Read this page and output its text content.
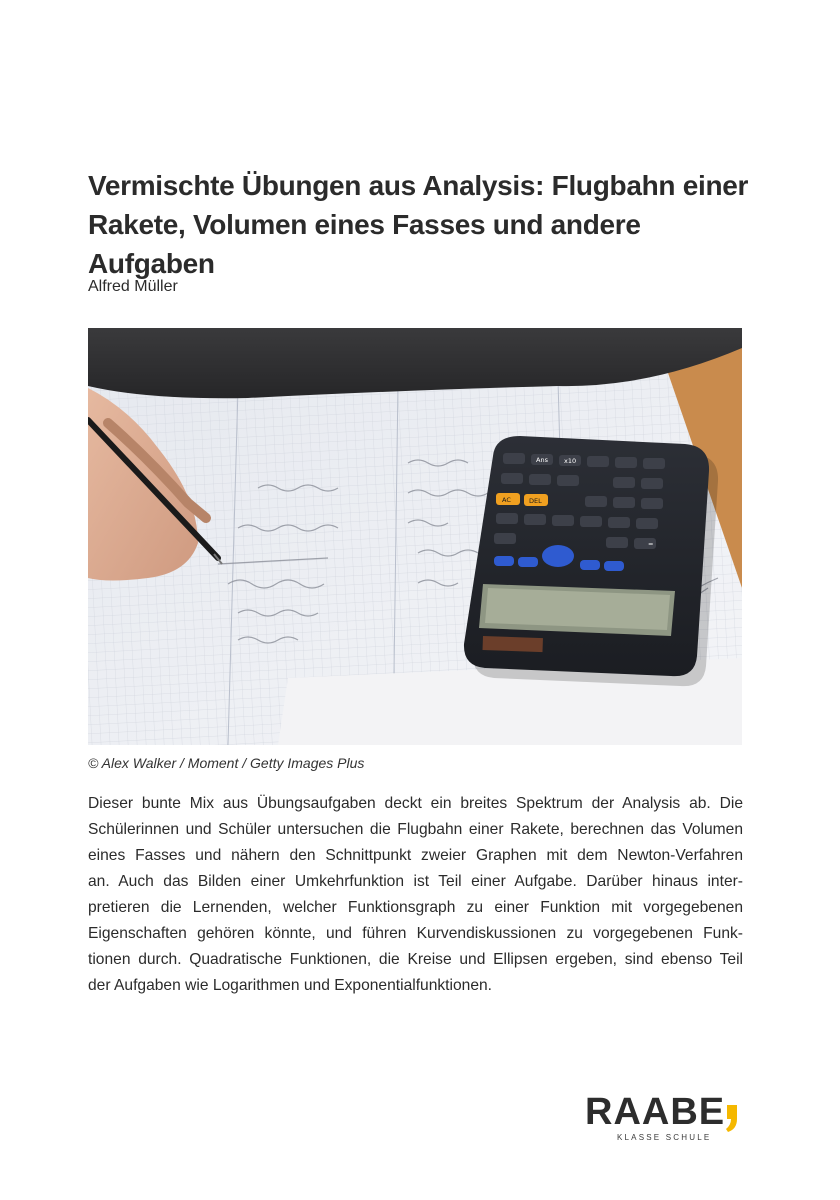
Vermischte Übungen aus Analysis: Flugbahn einer
Rakete, Volumen eines Fasses und andere Aufgaben
Alfred Müller
Ans
AC	DEL
x10
=
© Alex Walker / Moment / Getty Images Plus

Dieser bunte Mix aus Übungsaufgaben deckt ein breites Spektrum der Analysis ab. Die
Schülerinnen und Schüler untersuchen die Flugbahn einer Rakete, berechnen das Volumen
eines Fasses und nähern den Schnittpunkt zweier Graphen mit dem Newton-Verfahren
an. Auch das Bilden einer Umkehrfunktion ist Teil einer Aufgabe. Darüber hinaus inter-
pretieren die Lernenden, welcher Funktionsgraph zu einer Funktion mit vorgegebenen
Eigenschaften gehören könnte, und führen Kurvendiskussionen zu vorgegebenen Funk-
tionen durch. Quadratische Funktionen, die Kreise und Ellipsen ergeben, sind ebenso Teil
der Aufgaben wie Logarithmen und Exponentialfunktionen.

RAABE
KLASSE SCHULE
